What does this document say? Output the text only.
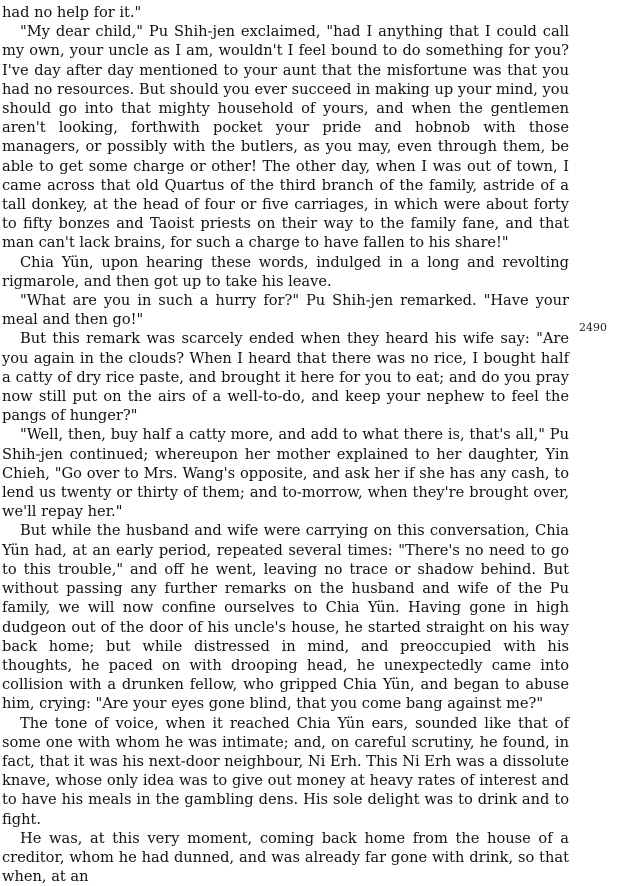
had no help for it."

"My dear child," Pu Shih-jen exclaimed, "had I anything that I could call my own, your uncle as I am, wouldn't I feel bound to do something for you? I've day after day mentioned to your aunt that the misfortune was that you had no resources. But should you ever succeed in making up your mind, you should go into that mighty household of yours, and when the gentlemen aren't looking, forthwith pocket your pride and hobnob with those managers, or possibly with the butlers, as you may, even through them, be able to get some charge or other! The other day, when I was out of town, I came across that old Quartus of the third branch of the family, astride of a tall donkey, at the head of four or five carriages, in which were about forty to fifty bonzes and Taoist priests on their way to the family fane, and that man can't lack brains, for such a charge to have fallen to his share!"

Chia Yün, upon hearing these words, indulged in a long and revolting rigmarole, and then got up to take his leave.

"What are you in such a hurry for?" Pu Shih-jen remarked. "Have your meal and then go!"

But this remark was scarcely ended when they heard his wife say: "Are you again in the clouds? When I heard that there was no rice, I bought half a catty of dry rice paste, and brought it here for you to eat; and do you pray now still put on the airs of a well-to-do, and keep your nephew to feel the pangs of hunger?"

"Well, then, buy half a catty more, and add to what there is, that's all," Pu Shih-jen continued; whereupon her mother explained to her daughter, Yin Chieh, "Go over to Mrs. Wang's opposite, and ask her if she has any cash, to lend us twenty or thirty of them; and to-morrow, when they're brought over, we'll repay her."

But while the husband and wife were carrying on this conversation, Chia Yün had, at an early period, repeated several times: "There's no need to go to this trouble," and off he went, leaving no trace or shadow behind. But without passing any further remarks on the husband and wife of the Pu family, we will now confine ourselves to Chia Yün. Having gone in high dudgeon out of the door of his uncle's house, he started straight on his way back home; but while distressed in mind, and preoccupied with his thoughts, he paced on with drooping head, he unexpectedly came into collision with a drunken fellow, who gripped Chia Yün, and began to abuse him, crying: "Are your eyes gone blind, that you come bang against me?"

The tone of voice, when it reached Chia Yün ears, sounded like that of some one with whom he was intimate; and, on careful scrutiny, he found, in fact, that it was his next-door neighbour, Ni Erh. This Ni Erh was a dissolute knave, whose only idea was to give out money at heavy rates of interest and to have his meals in the gambling dens. His sole delight was to drink and to fight.

He was, at this very moment, coming back home from the house of a creditor, whom he had dunned, and was already far gone with drink, so that when, at an

2490
